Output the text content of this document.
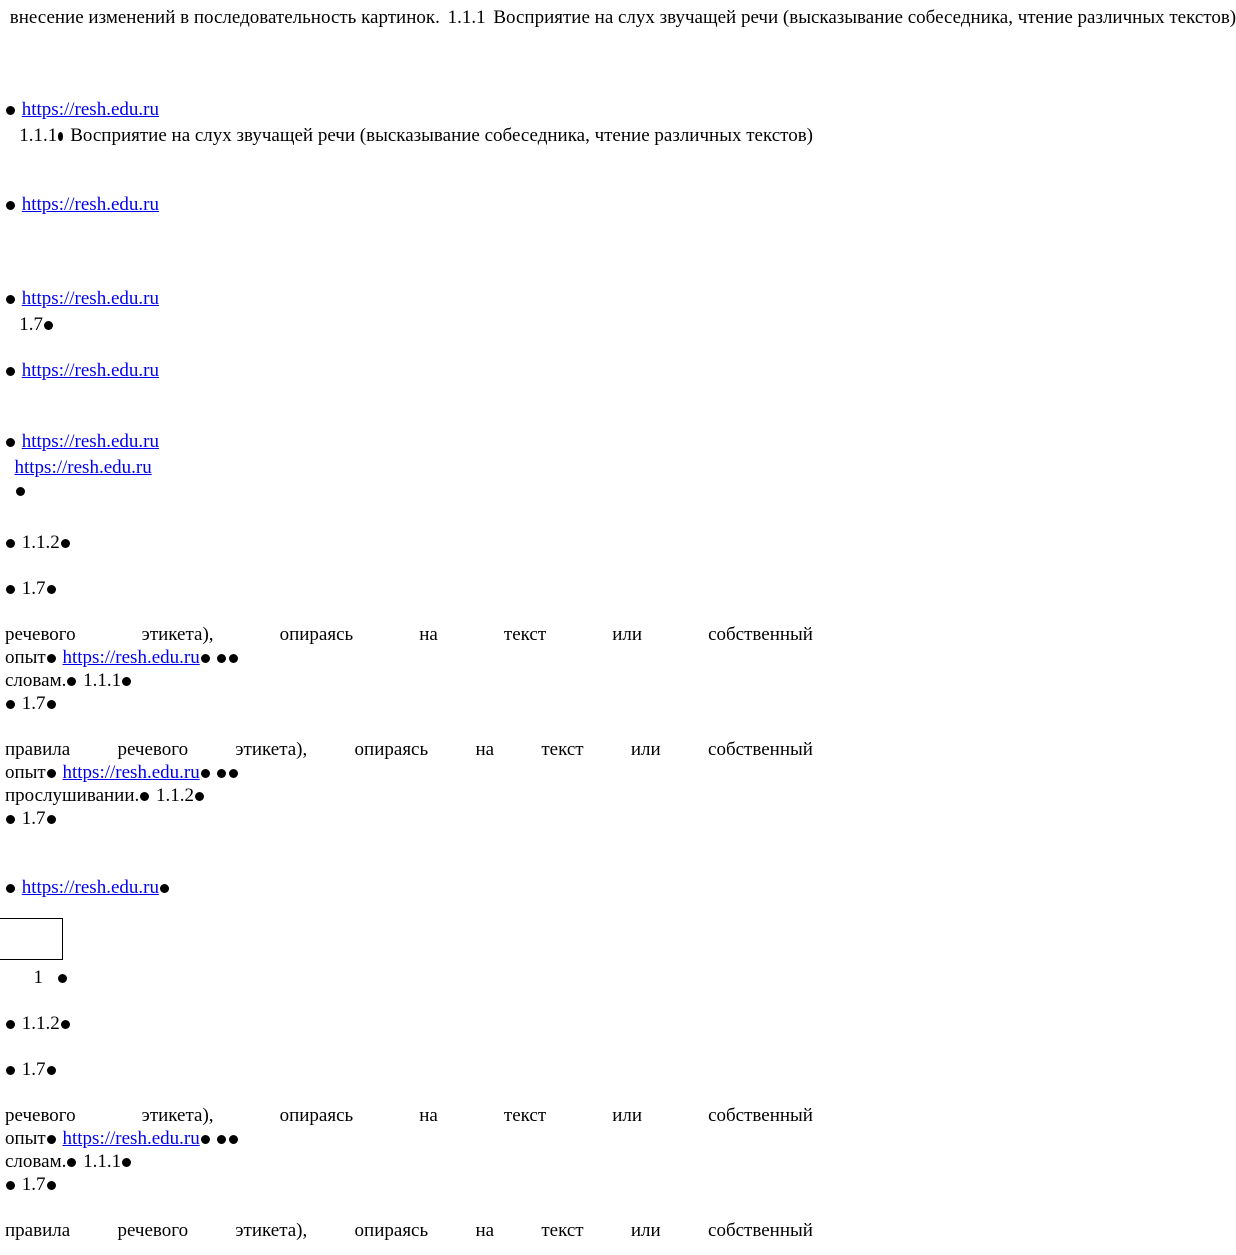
внесение изменений в последовательность картинок. 1.1.1 Восприятие на слух звучащей речи (высказывание собеседника, чтение различных текстов)

https://resh.edu.ru

1.1.1 Восприятие на слух звучащей речи (высказывание собеседника, чтение различных текстов)

https://resh.edu.ru

https://resh.edu.ru

1.7

https://resh.edu.ru

https://resh.edu.ru

https://resh.edu.ru

1.1.2
1.7
речевого	этикета),	опираясь	на	текст	или	собственный
опыт
https://resh.edu.ru

словам. 1.1.1
1.7
правила речевого этикета), опираясь на текст или собственный
опыт
https://resh.edu.ru

прослушивании. 1.1.2
1.7

https://resh.edu.ru

1

1.1.2
1.7
речевого	этикета),	опираясь	на	текст	или	собственный
опыт
https://resh.edu.ru

словам. 1.1.1
1.7
правила речевого этикета), опираясь на текст или собственный
